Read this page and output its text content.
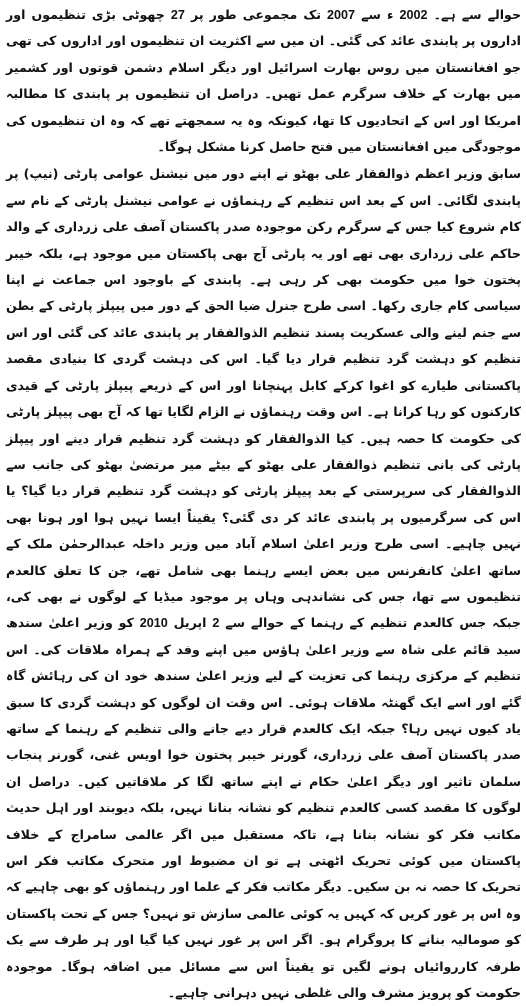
حوالے سے ہے۔ 2002 ء سے 2007 تک مجموعی طور پر 27 چھوٹی بڑی تنظیموں اور اداروں پر پابندی عائد کی گئی۔ ان میں سے اکثریت ان تنظیموں اور اداروں کی تھی جو افغانستان میں روس بھارت اسرائیل اور دیگر اسلام دشمن قوتوں اور کشمیر میں بھارت کے خلاف سرگرم عمل تھیں۔ دراصل ان تنظیموں پر پابندی کا مطالبہ امریکا اور اس کے اتحادیوں کا تھا، کیونکہ وہ یہ سمجھتے تھے کہ وہ ان تنظیموں کی موجودگی میں افغانستان میں فتح حاصل کرنا مشکل ہوگا۔

سابق وزیر اعظم ذوالفقار علی بھٹو نے اپنے دور میں نیشنل عوامی پارٹی (نیپ) پر پابندی لگائی۔ اس کے بعد اس تنظیم کے رہنماؤں نے عوامی نیشنل پارٹی کے نام سے کام شروع کیا جس کے سرگرم رکن موجودہ صدر پاکستان آصف علی زرداری کے والد حاکم علی زرداری بھی تھے اور یہ پارٹی آج بھی پاکستان میں موجود ہے، بلکہ خیبر پختون خوا میں حکومت بھی کر رہی ہے۔ پابندی کے باوجود اس جماعت نے اپنا سیاسی کام جاری رکھا۔ اسی طرح جنرل ضیا الحق کے دور میں پیپلز پارٹی کے بطن سے جنم لینے والی عسکریت پسند تنظیم الذوالفقار پر پابندی عائد کی گئی اور اس تنظیم کو دہشت گرد تنظیم قرار دیا گیا۔ اس کی دہشت گردی کا بنیادی مقصد پاکستانی طیارے کو اغوا کرکے کابل پہنچانا اور اس کے ذریعے پیپلز پارٹی کے قیدی کارکنوں کو رہا کرانا ہے۔ اس وقت رہنماؤں نے الزام لگایا تھا کہ آج بھی پیپلز پارٹی کی حکومت کا حصہ ہیں۔ کیا الذوالفقار کو دہشت گرد تنظیم قرار دینے اور پیپلز پارٹی کی بانی تنظیم ذوالفقار علی بھٹو کے بیٹے میر مرتضیٰ بھٹو کی جانب سے الذوالفقار کی سرپرستی کے بعد پیپلز پارٹی کو دہشت گرد تنظیم قرار دیا گیا؟ یا اس کی سرگرمیوں پر پابندی عائد کر دی گئی؟ یقیناً ایسا نہیں ہوا اور ہونا بھی نہیں چاہیے۔ اسی طرح وزیر اعلیٰ اسلام آباد میں وزیر داخلہ عبدالرحمٰن ملک کے ساتھ اعلیٰ کانفرنس میں بعض ایسے رہنما بھی شامل تھے، جن کا تعلق کالعدم تنظیموں سے تھا، جس کی نشاندہی وہاں پر موجود میڈیا کے لوگوں نے بھی کی، جبکہ جس کالعدم تنظیم کے رہنما کے حوالے سے 2 اپریل 2010 کو وزیر اعلیٰ سندھ سید قائم علی شاہ سے وزیر اعلیٰ ہاؤس میں اپنے وفد کے ہمراہ ملاقات کی۔ اس تنظیم کے مرکزی رہنما کی تعزیت کے لیے وزیر اعلیٰ سندھ خود ان کی رہائش گاہ گئے اور اسے ایک گھنٹہ ملاقات ہوئی۔ اس وقت ان لوگوں کو دہشت گردی کا سبق یاد کیوں نہیں رہا؟ جبکہ ایک کالعدم قرار دیے جانے والی تنظیم کے رہنما کے ساتھ صدر پاکستان آصف علی زرداری، گورنر خیبر پختون خوا اویس غنی، گورنر پنجاب سلمان تاثیر اور دیگر اعلیٰ حکام نے اپنے ساتھ لگا کر ملاقاتیں کیں۔ دراصل ان لوگوں کا مقصد کسی کالعدم تنظیم کو نشانہ بنانا نہیں، بلکہ دیوبند اور اہل حدیث مکاتب فکر کو نشانہ بنانا ہے، تاکہ مستقبل میں اگر عالمی سامراج کے خلاف پاکستان میں کوئی تحریک اٹھتی ہے تو ان مضبوط اور متحرک مکاتب فکر اس تحریک کا حصہ نہ بن سکیں۔ دیگر مکاتب فکر کے علما اور رہنماؤں کو بھی چاہیے کہ وہ اس پر غور کریں کہ کہیں یہ کوئی عالمی سازش تو نہیں؟ جس کے تحت پاکستان کو صومالیہ بنانے کا پروگرام ہو۔ اگر اس پر غور نہیں کیا گیا اور ہر طرف سے یک طرفہ کارروائیاں ہونے لگیں تو یقیناً اس سے مسائل میں اضافہ ہوگا۔ موجودہ حکومت کو پرویز مشرف والی غلطی نہیں دہرانی چاہیے۔
